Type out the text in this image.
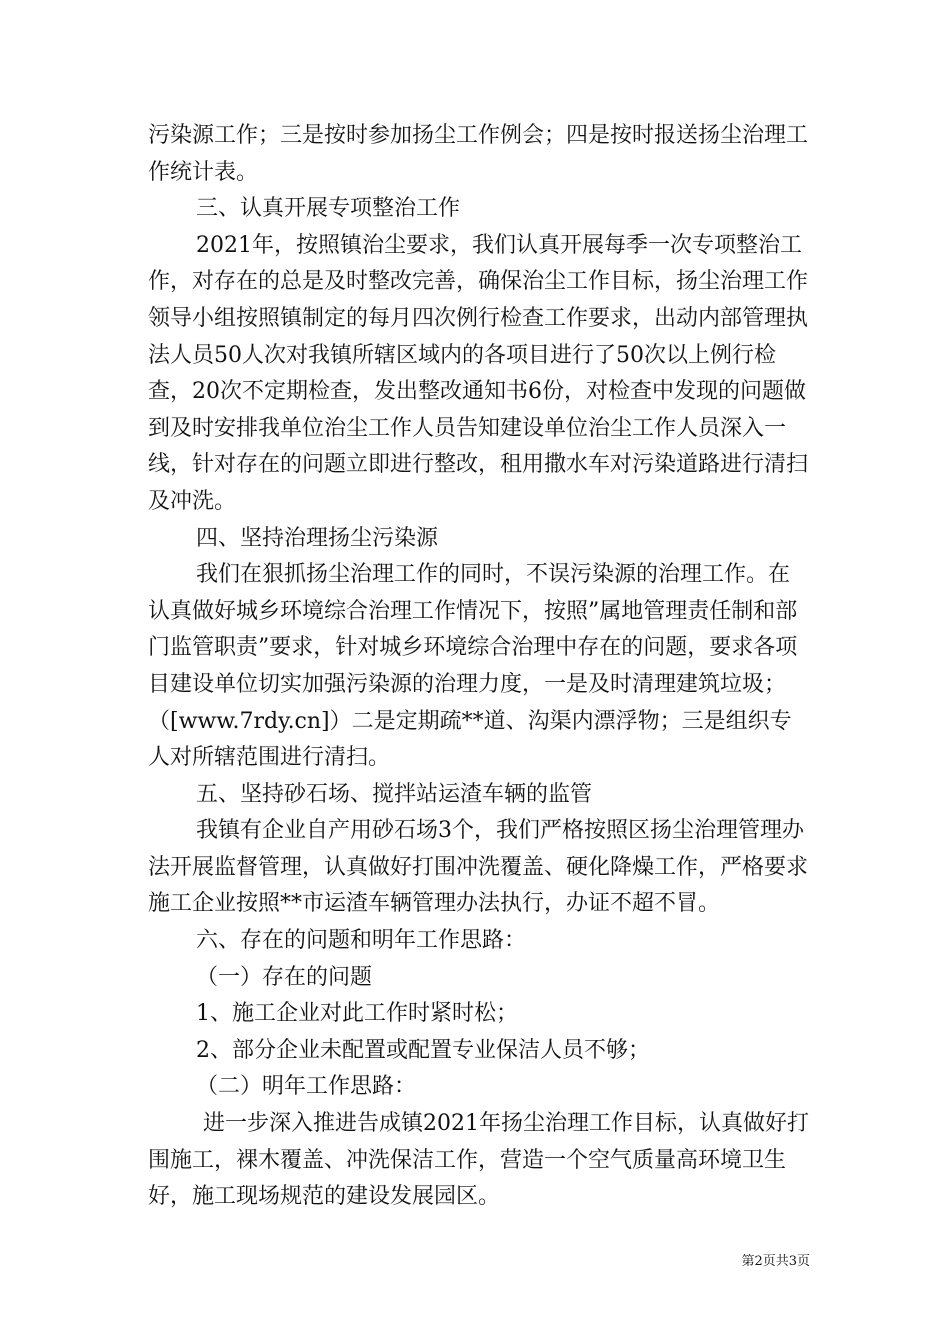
污染源工作；三是按时参加扬尘工作例会；四是按时报送扬尘治理工作统计表。

三、认真开展专项整治工作

2021年，按照镇治尘要求，我们认真开展每季一次专项整治工作，对存在的总是及时整改完善，确保治尘工作目标，扬尘治理工作领导小组按照镇制定的每月四次例行检查工作要求，出动内部管理执法人员50人次对我镇所辖区域内的各项目进行了50次以上例行检查，20次不定期检查，发出整改通知书6份，对检查中发现的问题做到及时安排我单位治尘工作人员告知建设单位治尘工作人员深入一线，针对存在的问题立即进行整改，租用撒水车对污染道路进行清扫及冲洗。

四、坚持治理扬尘污染源

我们在狠抓扬尘治理工作的同时，不误污染源的治理工作。在认真做好城乡环境综合治理工作情况下，按照”属地管理责任制和部门监管职责”要求，针对城乡环境综合治理中存在的问题，要求各项目建设单位切实加强污染源的治理力度，一是及时清理建筑垃圾；（[www.7rdy.cn]）二是定期疏**道、沟渠内漂浮物；三是组织专人对所辖范围进行清扫。

五、坚持砂石场、搅拌站运渣车辆的监管

我镇有企业自产用砂石场3个，我们严格按照区扬尘治理管理办法开展监督管理，认真做好打围冲洗覆盖、硬化降燥工作，严格要求施工企业按照**市运渣车辆管理办法执行，办证不超不冒。

六、存在的问题和明年工作思路：

（一）存在的问题

1、施工企业对此工作时紧时松；

2、部分企业未配置或配置专业保洁人员不够；

（二）明年工作思路：

进一步深入推进告成镇2021年扬尘治理工作目标，认真做好打围施工，裸木覆盖、冲洗保洁工作，营造一个空气质量高环境卫生好，施工现场规范的建设发展园区。

第2页共3页
